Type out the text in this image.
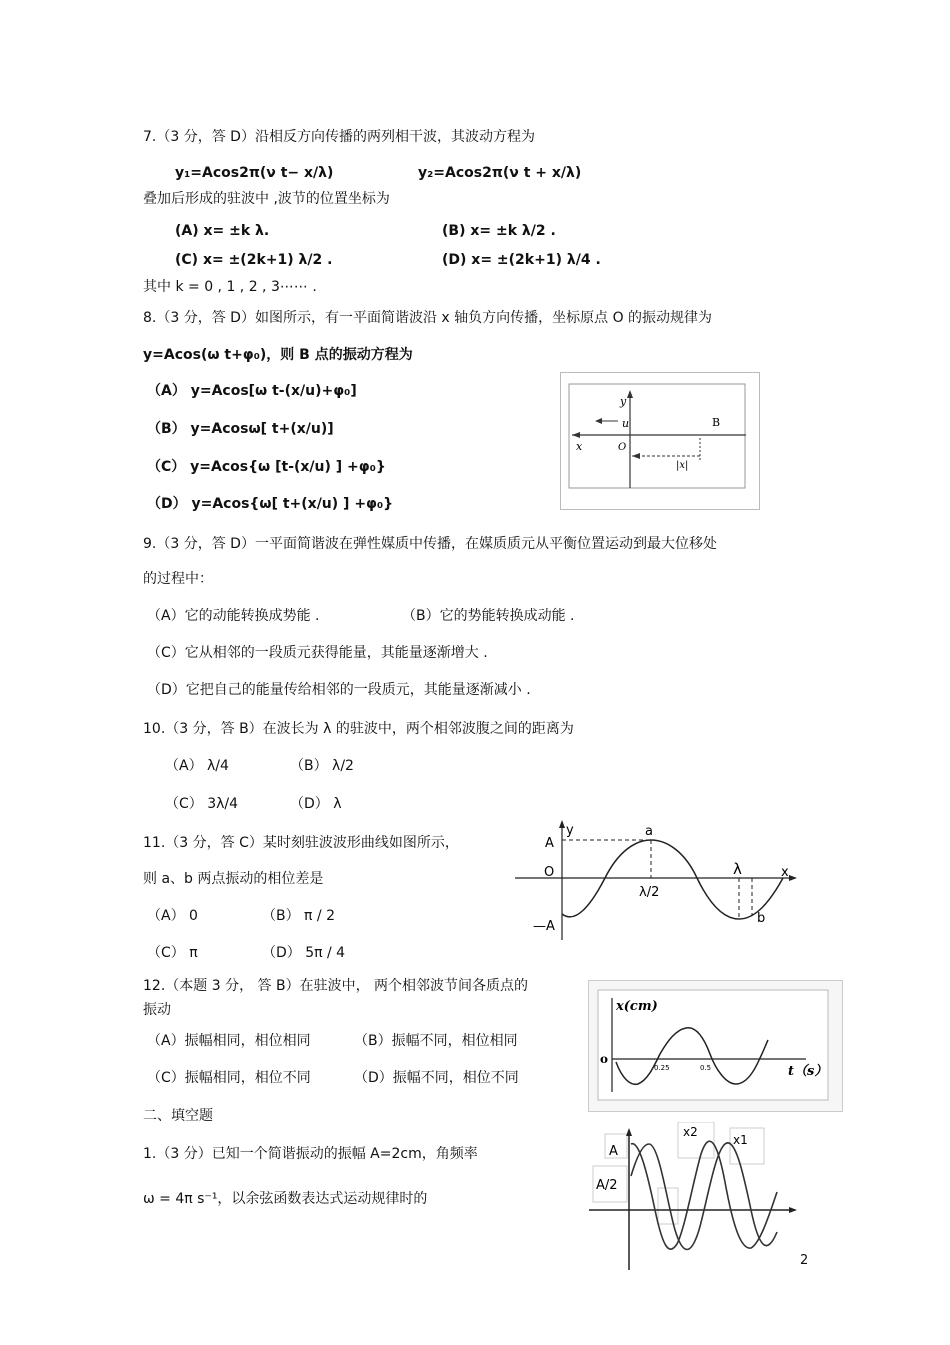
7.（3 分，答 D）沿相反方向传播的两列相干波，其波动方程为
y₁=Acos2π(ν t− x/λ)	y₂=Acos2π(ν t + x/λ)
叠加后形成的驻波中 ,波节的位置坐标为
(A) x= ±k λ.	(B) x= ±k λ/2 .
(C) x= ±(2k+1) λ/2 .	(D) x= ±(2k+1) λ/4 .
其中 k = 0 , 1 , 2 , 3⋯⋯ .
8.（3 分，答 D）如图所示，有一平面简谐波沿 x 轴负方向传播，坐标原点 O 的振动规律为
y=Acos(ω t+φ₀)，则 B 点的振动方程为
（A） y=Acos[ω t-(x/u)+φ₀]
（B） y=Acosω[ t+(x/u)]
（C） y=Acos{ω [t-(x/u) ] +φ₀}
（D） y=Acos{ω[ t+(x/u) ] +φ₀}
y
u
x	O
B
|x|
9.（3 分，答 D）一平面简谐波在弹性媒质中传播，在媒质质元从平衡位置运动到最大位移处
的过程中：
（A）它的动能转换成势能 .	（B）它的势能转换成动能 .
（C）它从相邻的一段质元获得能量，其能量逐渐增大 .
（D）它把自己的能量传给相邻的一段质元，其能量逐渐减小 .
10.（3 分，答 B）在波长为 λ 的驻波中，两个相邻波腹之间的距离为
（A） λ/4	（B） λ/2
（C） 3λ/4	（D） λ
11.（3 分，答 C）某时刻驻波波形曲线如图所示，
则 a、b 两点振动的相位差是
（A） 0	（B） π / 2
（C） π	（D） 5π / 4
y
A
O
—A
a
b
λ/2
λ	x
12.（本题 3 分， 答 B）在驻波中， 两个相邻波节间各质点的
振动
（A）振幅相同，相位相同	（B）振幅不同，相位相同
（C）振幅相同，相位不同	（D）振幅不同，相位不同
x(cm)
o
0.25	0.5	t（s）
二、填空题
1.（3 分）已知一个简谐振动的振幅 A=2cm，角频率
ω = 4π s⁻¹，以余弦函数表达式运动规律时的
x2
x1
A
A/2
2
